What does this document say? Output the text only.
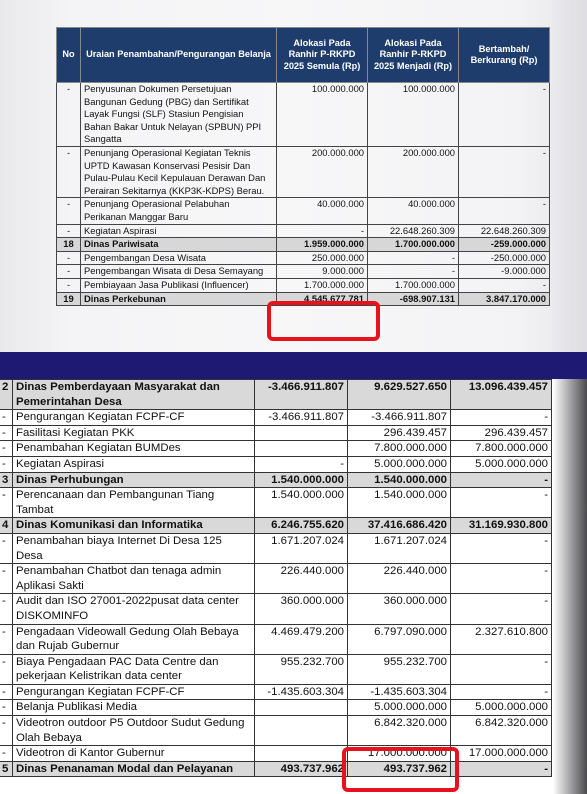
No	Uraian Penambahan/Pengurangan Belanja	Alokasi Pada Ranhir P-RKPD 2025 Semula (Rp)	Alokasi Pada Ranhir P-RKPD 2025 Menjadi (Rp)	Bertambah/ Berkurang (Rp)
-	Penyusunan Dokumen Persetujuan Bangunan Gedung (PBG) dan Sertifikat Layak Fungsi (SLF) Stasiun Pengisian Bahan Bakar Untuk Nelayan (SPBUN) PPI Sangatta	100.000.000	100.000.000	-
-	Penunjang Operasional Kegiatan Teknis UPTD Kawasan Konservasi Pesisir Dan Pulau-Pulau Kecil Kepulauan Derawan Dan Perairan Sekitarnya (KKP3K-KDPS) Berau.	200.000.000	200.000.000	-
-	Penunjang Operasional Pelabuhan Perikanan Manggar Baru	40.000.000	40.000.000	-
-	Kegiatan Aspirasi	-	22.648.260.309	22.648.260.309
18	Dinas Pariwisata	1.959.000.000	1.700.000.000	-259.000.000
-	Pengembangan Desa Wisata	250.000.000	-	-250.000.000
-	Pengembangan Wisata di Desa Semayang	9.000.000	-	-9.000.000
-	Pembiayaan Jasa Publikasi (Influencer)	1.700.000.000	1.700.000.000	-
19	Dinas Perkebunan	4.545.677.781	-698.907.131	3.847.170.000
2	Dinas Pemberdayaan Masyarakat dan Pemerintahan Desa	-3.466.911.807	9.629.527.650	13.096.439.457
-	Pengurangan Kegiatan FCPF-CF	-3.466.911.807	-3.466.911.807	-
-	Fasilitasi Kegiatan PKK		296.439.457	296.439.457
-	Penambahan Kegiatan BUMDes		7.800.000.000	7.800.000.000
-	Kegiatan Aspirasi	-	5.000.000.000	5.000.000.000
3	Dinas Perhubungan	1.540.000.000	1.540.000.000	-
-	Perencanaan dan Pembangunan Tiang Tambat	1.540.000.000	1.540.000.000	-
4	Dinas Komunikasi dan Informatika	6.246.755.620	37.416.686.420	31.169.930.800
-	Penambahan biaya Internet Di Desa 125 Desa	1.671.207.024	1.671.207.024	-
-	Penambahan Chatbot dan tenaga admin Aplikasi Sakti	226.440.000	226.440.000	-
-	Audit dan ISO 27001-2022pusat data center DISKOMINFO	360.000.000	360.000.000	-
-	Pengadaan Videowall Gedung Olah Bebaya dan Rujab Gubernur	4.469.479.200	6.797.090.000	2.327.610.800
-	Biaya Pengadaan PAC Data Centre dan pekerjaan Kelistrikan data center	955.232.700	955.232.700	-
-	Pengurangan Kegiatan FCPF-CF	-1.435.603.304	-1.435.603.304	-
-	Belanja Publikasi Media		5.000.000.000	5.000.000.000
-	Videotron outdoor P5 Outdoor Sudut Gedung Olah Bebaya		6.842.320.000	6.842.320.000
-	Videotron di Kantor Gubernur		17.000.000.000	17.000.000.000
5	Dinas Penanaman Modal dan Pelayanan	493.737.962	493.737.962	-
